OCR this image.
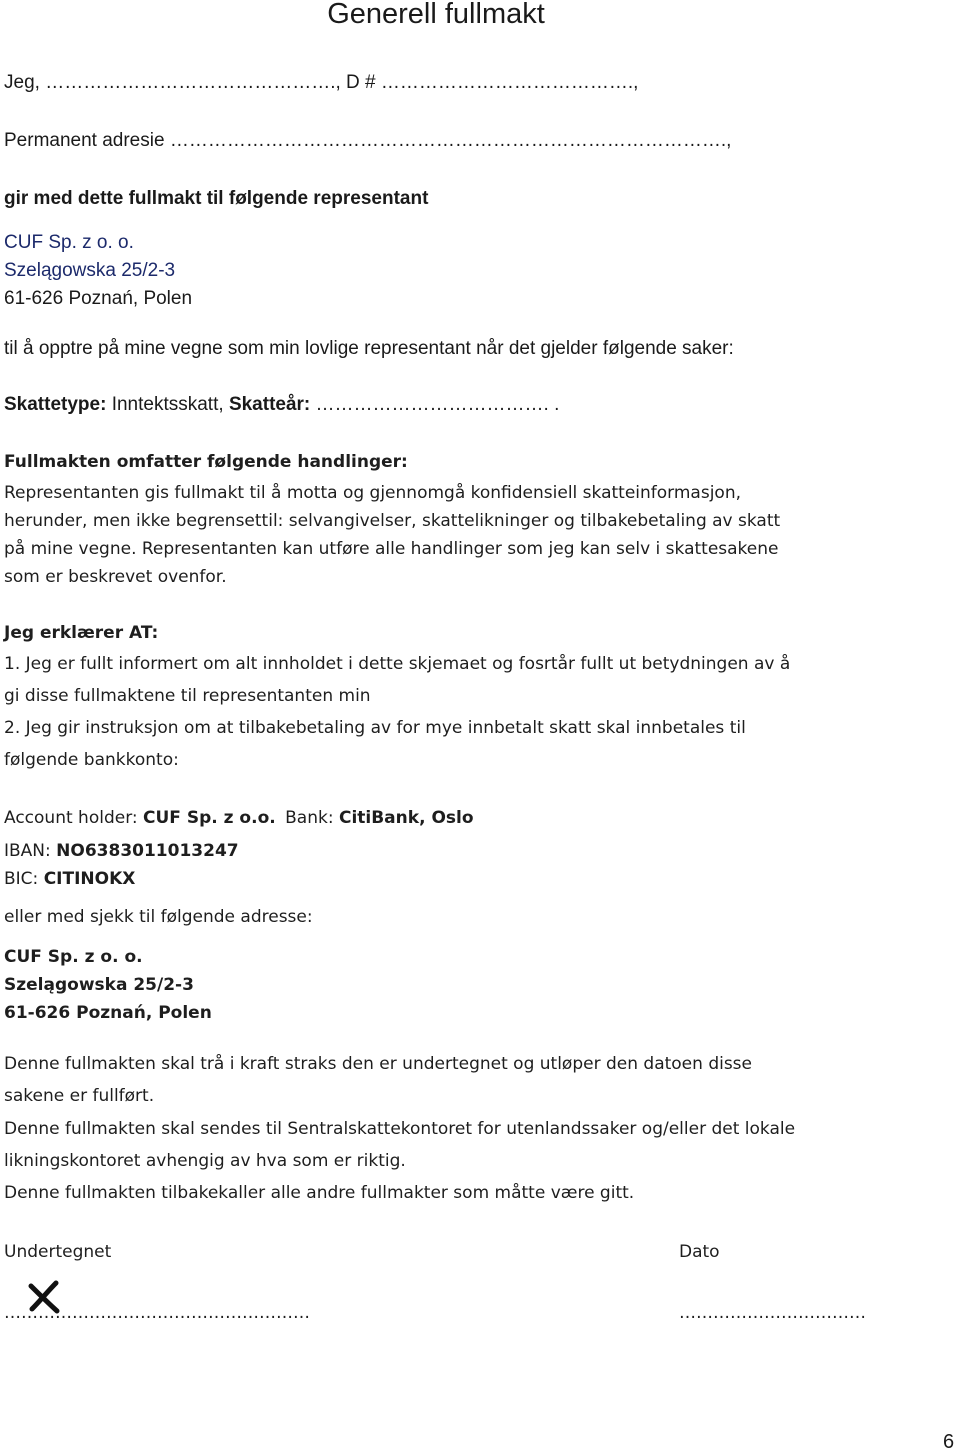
Generell fullmakt
Jeg, ………………………………………., D # ………………………………….,
Permanent adresie …………………………………………………………………………….,
gir med dette fullmakt til følgende representant
CUF Sp. z o. o.
Szelągowska 25/2-3
61-626 Poznań, Polen
til å opptre på mine vegne som min lovlige representant når det gjelder følgende saker:
Skattetype: Inntektsskatt, Skatteår: ………………………………. .
Fullmakten omfatter følgende handlinger:
Representanten gis fullmakt til å motta og gjennomgå konfidensiell skatteinformasjon,
herunder, men ikke begrensettil: selvangivelser, skattelikninger og tilbakebetaling av skatt
på mine vegne. Representanten kan utføre alle handlinger som jeg kan selv i skattesakene
som er beskrevet ovenfor.
Jeg erklærer AT:
1. Jeg er fullt informert om alt innholdet i dette skjemaet og fosrtår fullt ut betydningen av å
gi disse fullmaktene til representanten min
2. Jeg gir instruksjon om at tilbakebetaling av for mye innbetalt skatt skal innbetales til
følgende bankkonto:
Account holder: CUF Sp. z o.o. Bank: CitiBank, Oslo
IBAN: NO6383011013247
BIC: CITINOKX
eller med sjekk til følgende adresse:
CUF Sp. z o. o.
Szelągowska 25/2-3
61-626 Poznań, Polen
Denne fullmakten skal trå i kraft straks den er undertegnet og utløper den datoen disse
sakene er fullført.
Denne fullmakten skal sendes til Sentralskattekontoret for utenlandssaker og/eller det lokale
likningskontoret avhengig av hva som er riktig.
Denne fullmakten tilbakekaller alle andre fullmakter som måtte være gitt.
Undertegnet	Dato
………………………………………………	……………………………
6
